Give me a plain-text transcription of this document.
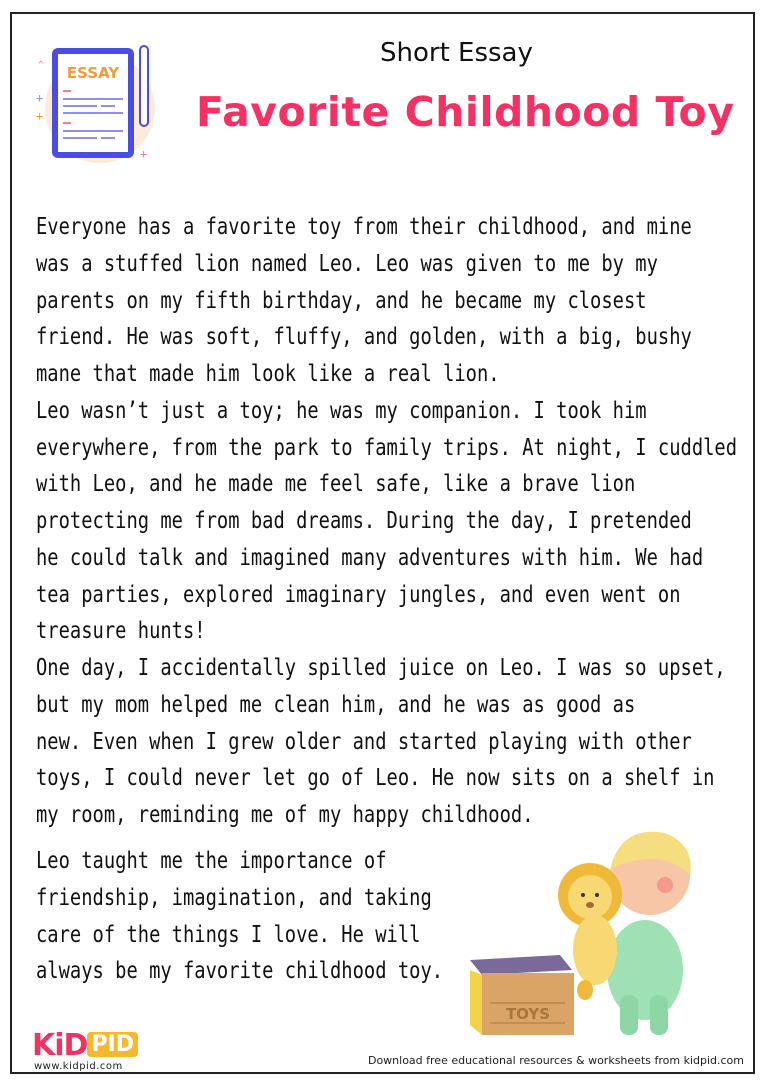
ESSAY
^
+
+
+
Short Essay
Favorite Childhood Toy
Everyone has a favorite toy from their childhood, and mine
was a stuffed lion named Leo. Leo was given to me by my
parents on my fifth birthday, and he became my closest
friend. He was soft, fluffy, and golden, with a big, bushy
mane that made him look like a real lion.
Leo wasn’t just a toy; he was my companion. I took him
everywhere, from the park to family trips. At night, I cuddled
with Leo, and he made me feel safe, like a brave lion
protecting me from bad dreams. During the day, I pretended
he could talk and imagined many adventures with him. We had
tea parties, explored imaginary jungles, and even went on
treasure hunts!
One day, I accidentally spilled juice on Leo. I was so upset,
but my mom helped me clean him, and he was as good as
new. Even when I grew older and started playing with other
toys, I could never let go of Leo. He now sits on a shelf in
my room, reminding me of my happy childhood.
Leo taught me the importance of
friendship, imagination, and taking
care of the things I love. He will
always be my favorite childhood toy.
TOYS
KiD PID
www.kidpid.com	Download free educational resources & worksheets from kidpid.com
